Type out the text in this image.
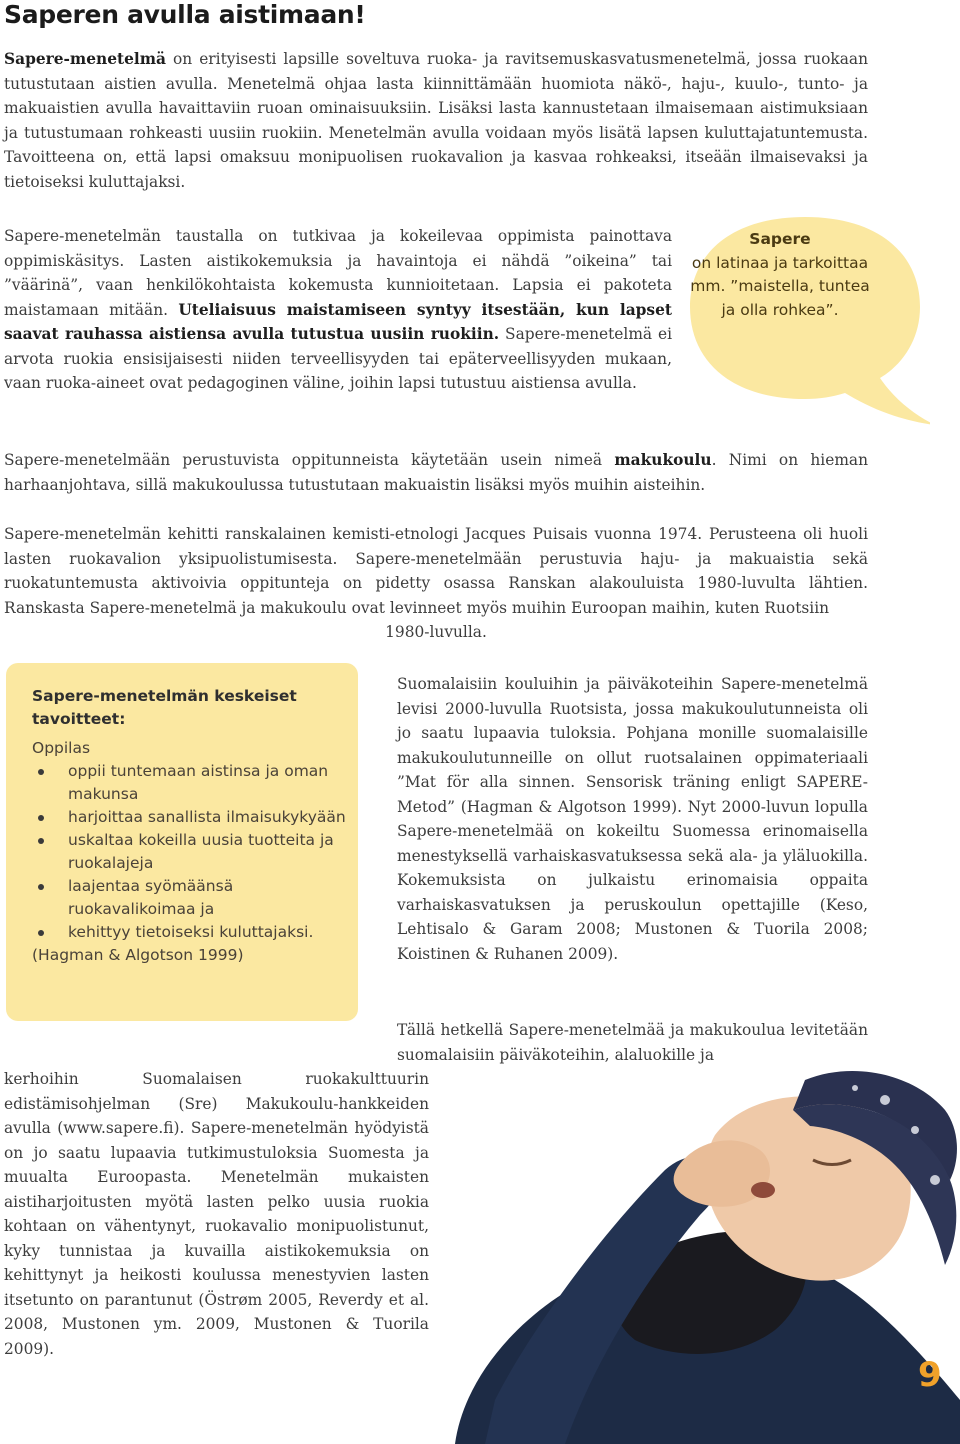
Saperen avulla aistimaan!

Sapere-menetelmä on erityisesti lapsille soveltuva ruoka- ja ravitsemuskasvatusmenetelmä, jossa ruokaan tutustutaan aistien avulla. Menetelmä ohjaa lasta kiinnittämään huomiota näkö-, haju-, kuulo-, tunto- ja makuaistien avulla havaittaviin ruoan ominaisuuksiin. Lisäksi lasta kannustetaan ilmaisemaan aistimuksiaan ja tutustumaan rohkeasti uusiin ruokiin. Menetelmän avulla voidaan myös lisätä lapsen kuluttajatuntemusta. Tavoitteena on, että lapsi omaksuu monipuolisen ruokavalion ja kasvaa rohkeaksi, itseään ilmaisevaksi ja tietoiseksi kuluttajaksi.

Sapere-menetelmän taustalla on tutkivaa ja kokeilevaa oppimista painottava oppimiskäsitys. Lasten aistikokemuksia ja havaintoja ei nähdä ”oikeina” tai ”väärinä”, vaan henkilökohtaista kokemusta kunnioitetaan. Lapsia ei pakoteta maistamaan mitään. Uteliaisuus maistamiseen syntyy itsestään, kun lapset saavat rauhassa aistiensa avulla tutustua uusiin ruokiin. Sapere-menetelmä ei arvota ruokia ensisijaisesti niiden terveellisyyden tai epäterveellisyyden mukaan, vaan ruoka-aineet ovat pedagoginen väline, joihin lapsi tutustuu aistiensa avulla.

Sapere
on latinaa ja tarkoittaa mm. ”maistella, tuntea ja olla rohkea”.

Sapere-menetelmään perustuvista oppitunneista käytetään usein nimeä makukoulu. Nimi on hieman harhaanjohtava, sillä makukoulussa tutustutaan makuaistin lisäksi myös muihin aisteihin.

Sapere-menetelmän kehitti ranskalainen kemisti-etnologi Jacques Puisais vuonna 1974. Perusteena oli huoli lasten ruokavalion yksipuolistumisesta. Sapere-menetelmään perustuvia haju- ja makuaistia sekä ruokatuntemusta aktivoivia oppitunteja on pidetty osassa Ranskan alakouluista 1980-luvulta lähtien. Ranskasta Sapere-menetelmä ja makukoulu ovat levinneet myös muihin Euroopan maihin, kuten Ruotsiin
1980-luvulla.

Sapere-menetelmän keskeiset tavoitteet:

Oppilas

oppii tuntemaan aistinsa ja oman makunsa
harjoittaa sanallista ilmaisukykyään
uskaltaa kokeilla uusia tuotteita ja ruokalajeja
laajentaa syömäänsä ruokavalikoimaa ja
kehittyy tietoiseksi kuluttajaksi.

(Hagman & Algotson 1999)

Suomalaisiin kouluihin ja päiväkoteihin Sapere-menetelmä levisi 2000-luvulla Ruotsista, jossa makukoulutunneista oli jo saatu lupaavia tuloksia. Pohjana monille suomalaisille makukoulutunneille on ollut ruotsalainen oppimateriaali ”Mat för alla sinnen. Sensorisk träning enligt SAPERE-Metod” (Hagman & Algotson 1999). Nyt 2000-luvun lopulla Sapere-menetelmää on kokeiltu Suomessa erinomaisella menestyksellä varhaiskasvatuksessa sekä ala- ja yläluokilla. Kokemuksista on julkaistu erinomaisia oppaita varhaiskasvatuksen ja peruskoulun opettajille (Keso, Lehtisalo & Garam 2008; Mustonen & Tuorila 2008; Koistinen & Ruhanen 2009).

Tällä hetkellä Sapere-menetelmää ja makukoulua levitetään suomalaisiin päiväkoteihin, alaluokille ja

kerhoihin Suomalaisen ruokakulttuurin edistämisohjelman (Sre) Makukoulu-hankkeiden avulla (www.sapere.fi). Sapere-menetelmän hyödyistä on jo saatu lupaavia tutkimustuloksia Suomesta ja muualta Euroopasta. Menetelmän mukaisten aistiharjoitusten myötä lasten pelko uusia ruokia kohtaan on vähentynyt, ruokavalio monipuolistunut, kyky tunnistaa ja kuvailla aistikokemuksia on kehittynyt ja heikosti koulussa menestyvien lasten itsetunto on parantunut (Östrøm 2005, Reverdy et al. 2008, Mustonen ym. 2009, Mustonen & Tuorila 2009).

9
